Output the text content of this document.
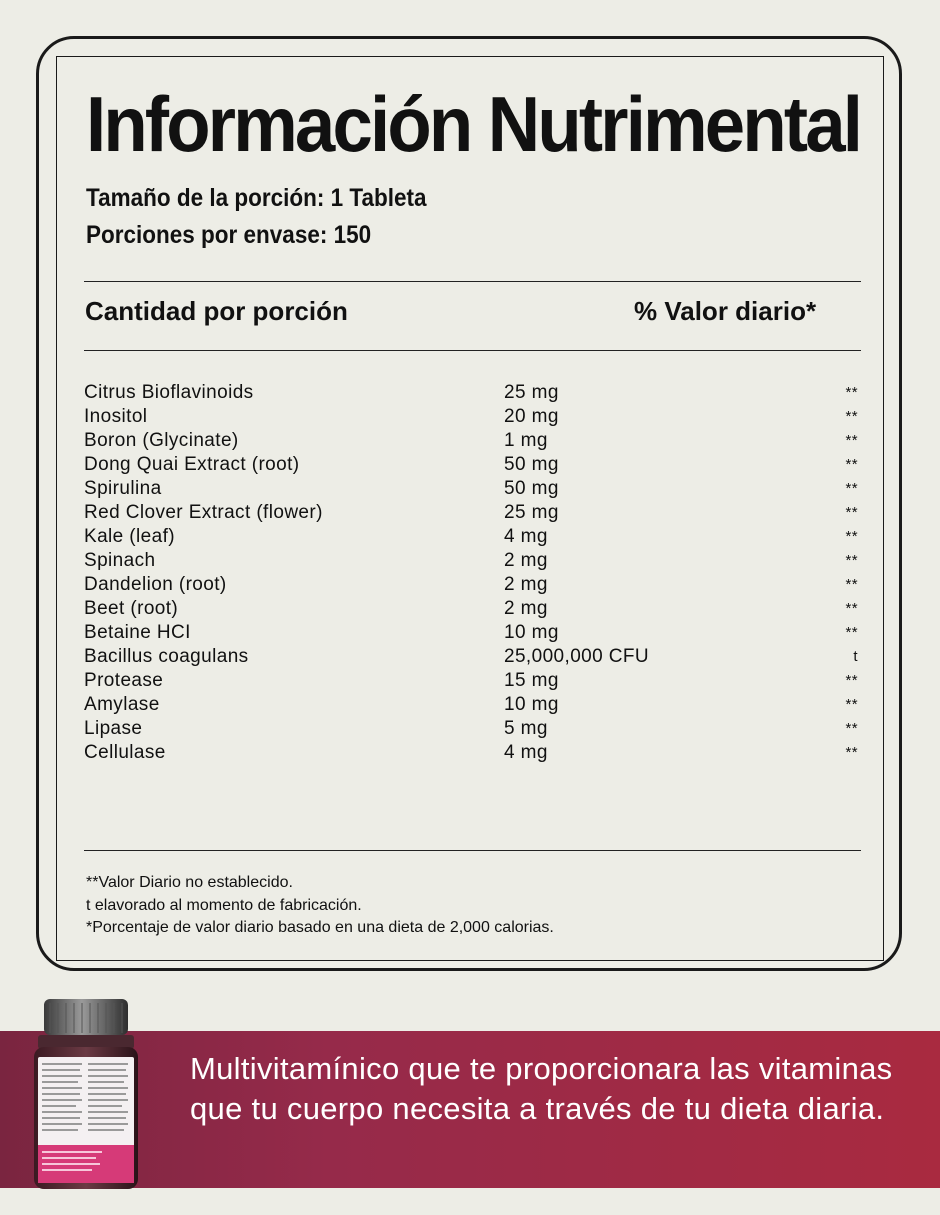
Información Nutrimental
Tamaño de la porción: 1 Tableta
Porciones por envase: 150
Cantidad por porción	% Valor diario*
Citrus Bioflavinoids	25 mg	**
Inositol	20 mg	**
Boron (Glycinate)	1 mg	**
Dong Quai Extract (root)	50 mg	**
Spirulina	50 mg	**
Red Clover Extract (flower)	25 mg	**
Kale (leaf)	4 mg	**
Spinach	2 mg	**
Dandelion (root)	2 mg	**
Beet (root)	2 mg	**
Betaine HCI	10 mg	**
Bacillus coagulans	25,000,000 CFU	t
Protease	15 mg	**
Amylase	10 mg	**
Lipase	5 mg	**
Cellulase	4 mg	**
**Valor Diario no establecido.
t elavorado al momento de fabricación.
*Porcentaje de valor diario basado en una dieta de 2,000 calorias.
Multivitamínico que te proporcionara las vitaminas que tu cuerpo necesita a través de tu dieta diaria.
